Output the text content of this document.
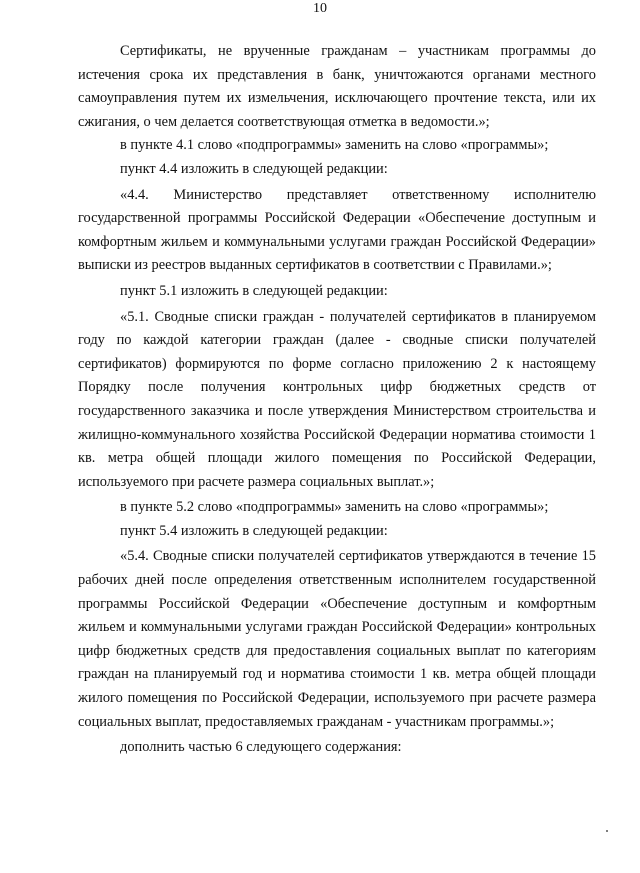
10

Сертификаты, не врученные гражданам – участникам программы до истечения срока их представления в банк, уничтожаются органами местного самоуправления путем их измельчения, исключающего прочтение текста, или их сжигания, о чем делается соответствующая отметка в ведомости.»;

в пункте 4.1 слово «подпрограммы» заменить на слово «программы»;

пункт 4.4 изложить в следующей редакции:

«4.4. Министерство представляет ответственному исполнителю государственной программы Российской Федерации «Обеспечение доступным и комфортным жильем и коммунальными услугами граждан Российской Федерации» выписки из реестров выданных сертификатов в соответствии с Правилами.»;

пункт 5.1 изложить в следующей редакции:

«5.1. Сводные списки граждан - получателей сертификатов в планируемом году по каждой категории граждан (далее - сводные списки получателей сертификатов) формируются по форме согласно приложению 2 к настоящему Порядку после получения контрольных цифр бюджетных средств от государственного заказчика и после утверждения Министерством строительства и жилищно-коммунального хозяйства Российской Федерации норматива стоимости 1 кв. метра общей площади жилого помещения по Российской Федерации, используемого при расчете размера социальных выплат.»;

в пункте 5.2 слово «подпрограммы» заменить на слово «программы»;

пункт 5.4 изложить в следующей редакции:

«5.4. Сводные списки получателей сертификатов утверждаются в течение 15 рабочих дней после определения ответственным исполнителем государственной программы Российской Федерации «Обеспечение доступным и комфортным жильем и коммунальными услугами граждан Российской Федерации» контрольных цифр бюджетных средств для предоставления социальных выплат по категориям граждан на планируемый год и норматива стоимости 1 кв. метра общей площади жилого помещения по Российской Федерации, используемого при расчете размера социальных выплат, предоставляемых гражданам - участникам программы.»;

дополнить частью 6 следующего содержания:
